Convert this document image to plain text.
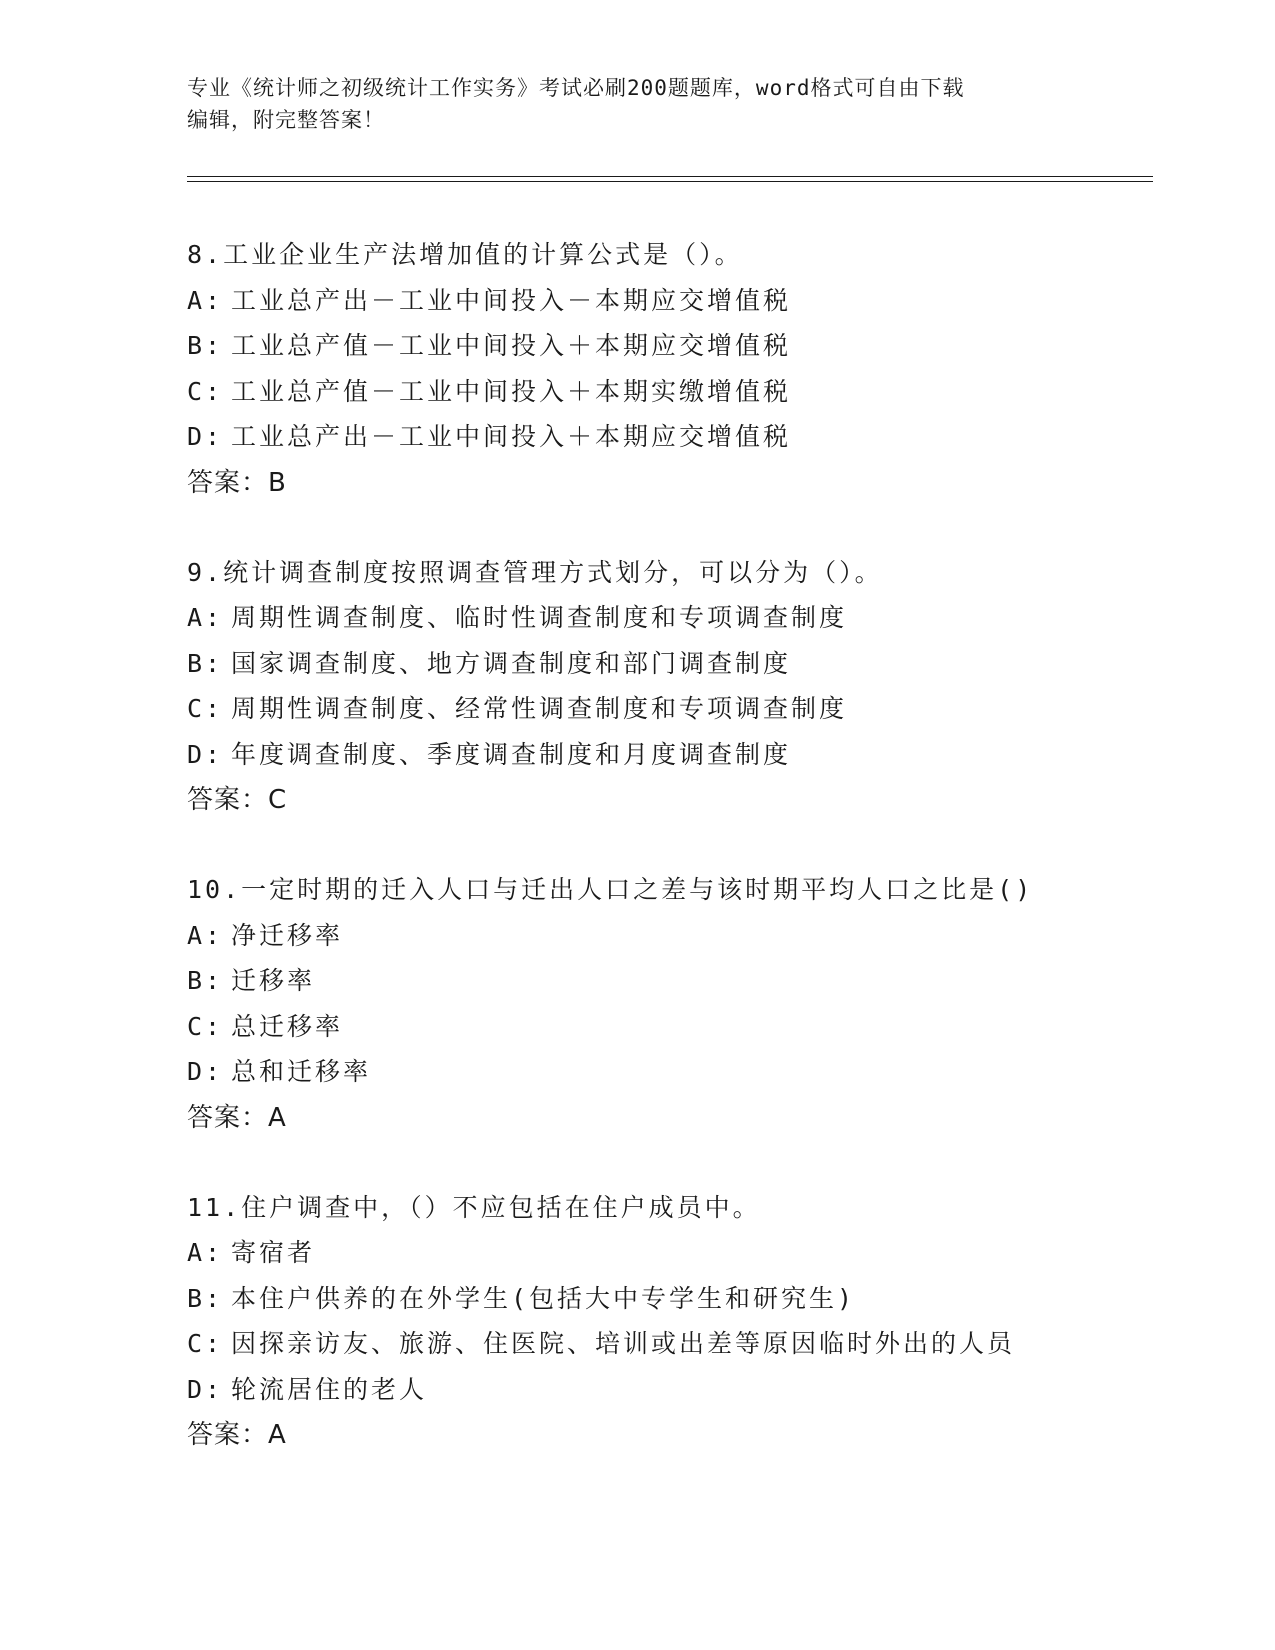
专业《统计师之初级统计工作实务》考试必刷200题题库，word格式可自由下载
编辑，附完整答案！
8.工业企业生产法增加值的计算公式是（）。
A: 工业总产出－工业中间投入－本期应交增值税
B: 工业总产值－工业中间投入＋本期应交增值税
C: 工业总产值－工业中间投入＋本期实缴增值税
D: 工业总产出－工业中间投入＋本期应交增值税
答案：B
9.统计调查制度按照调查管理方式划分，可以分为（）。
A: 周期性调查制度、临时性调查制度和专项调查制度
B: 国家调查制度、地方调查制度和部门调查制度
C: 周期性调查制度、经常性调查制度和专项调查制度
D: 年度调查制度、季度调查制度和月度调查制度
答案：C
10.一定时期的迁入人口与迁出人口之差与该时期平均人口之比是()
A: 净迁移率
B: 迁移率
C: 总迁移率
D: 总和迁移率
答案：A
11.住户调查中，（）不应包括在住户成员中。
A: 寄宿者
B: 本住户供养的在外学生(包括大中专学生和研究生)
C: 因探亲访友、旅游、住医院、培训或出差等原因临时外出的人员
D: 轮流居住的老人
答案：A
